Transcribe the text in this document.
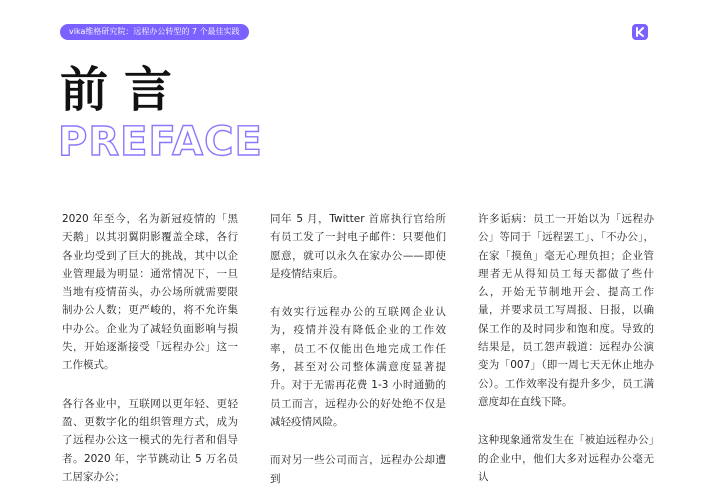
vika维格研究院：远程办公转型的 7 个最佳实践
前言
PREFACE

2020 年至今，名为新冠疫情的「黑天鹅」以其羽翼阴影覆盖全球，各行各业均受到了巨大的挑战，其中以企业管理最为明显：通常情况下，一旦当地有疫情苗头，办公场所就需要限制办公人数；更严峻的，将不允许集中办公。企业为了减轻负面影响与损失，开始逐渐接受「远程办公」这一工作模式。

各行各业中，互联网以更年轻、更轻盈、更数字化的组织管理方式，成为了远程办公这一模式的先行者和倡导者。2020 年，字节跳动让 5 万名员工居家办公；

同年 5 月，Twitter 首席执行官给所有员工发了一封电子邮件：只要他们愿意，就可以永久在家办公——即使是疫情结束后。

有效实行远程办公的互联网企业认为，疫情并没有降低企业的工作效率，员工不仅能出色地完成工作任务，甚至对公司整体满意度显著提升。对于无需再花费 1-3 小时通勤的员工而言，远程办公的好处绝不仅是减轻疫情风险。

而对另一些公司而言，远程办公却遭到

许多诟病：员工一开始以为「远程办公」等同于「远程罢工」、「不办公」，在家「摸鱼」毫无心理负担；企业管理者无从得知员工每天都做了些什么，开始无节制地开会、提高工作量，并要求员工写周报、日报，以确保工作的及时同步和饱和度。导致的结果是，员工怨声载道：远程办公演变为「007」（即一周七天无休止地办公）。工作效率没有提升多少，员工满意度却在直线下降。

这种现象通常发生在「被迫远程办公」的企业中，他们大多对远程办公毫无认
